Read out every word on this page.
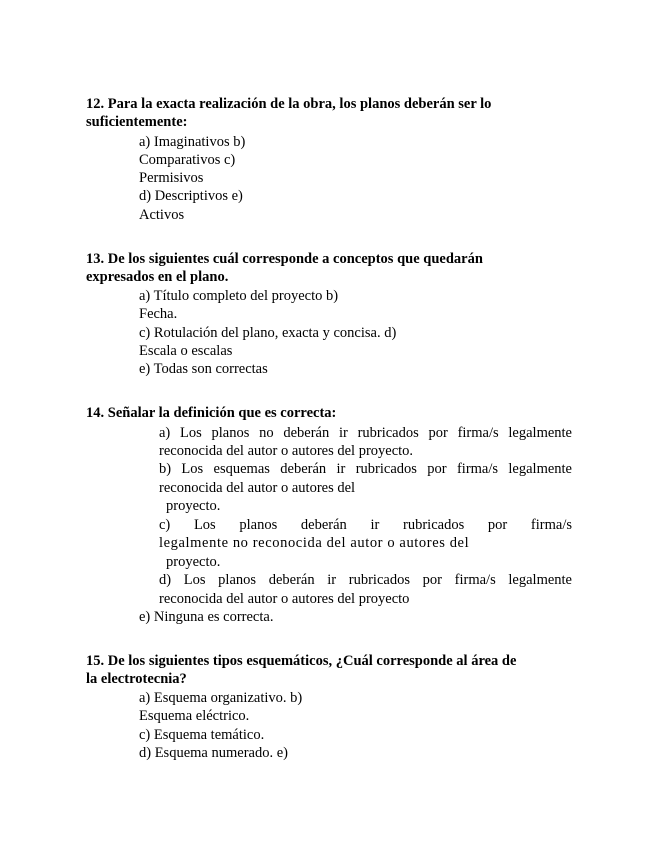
12. Para la exacta realización de la obra, los planos deberán ser lo
suficientemente:
a) Imaginativos b)
Comparativos c)
Permisivos
d) Descriptivos e)
Activos
13. De los siguientes cuál corresponde a conceptos que quedarán
expresados en el plano.
a) Título completo del proyecto b)
Fecha.
c) Rotulación del plano, exacta y concisa. d)
Escala o escalas
e) Todas son correctas
14. Señalar la definición que es correcta:
a) Los planos no deberán ir rubricados por firma/s legalmente
reconocida del autor o autores del proyecto.
b) Los esquemas deberán ir rubricados por firma/s legalmente
reconocida del autor o autores del
proyecto.
c) Los planos deberán ir rubricados por firma/s
legalmente no reconocida del autor o autores del
proyecto.
d) Los planos deberán ir rubricados por firma/s legalmente
reconocida del autor o autores del proyecto
e) Ninguna es correcta.
15. De los siguientes tipos esquemáticos, ¿Cuál corresponde al área de
la electrotecnia?
a) Esquema organizativo. b)
Esquema eléctrico.
c) Esquema temático.
d) Esquema numerado. e)
